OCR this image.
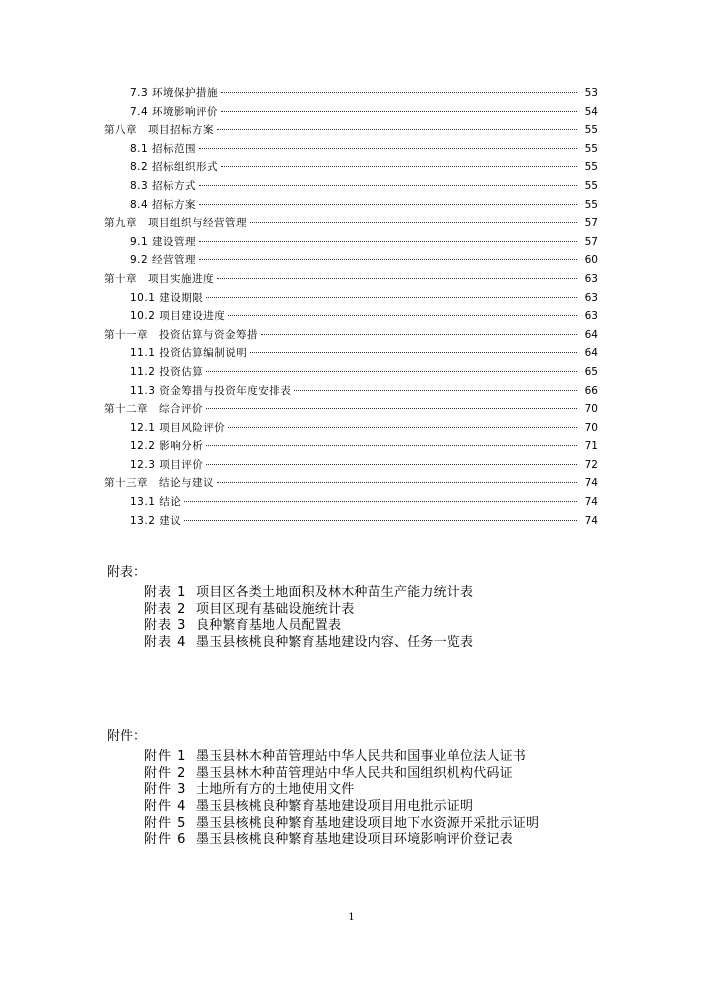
7.3 环境保护措施	53
7.4 环境影响评价	54
第八章　项目招标方案	55
8.1 招标范围	55
8.2 招标组织形式	55
8.3 招标方式	55
8.4 招标方案	55
第九章　项目组织与经营管理	57
9.1 建设管理	57
9.2 经营管理	60
第十章　项目实施进度	63
10.1 建设期限	63
10.2 项目建设进度	63
第十一章　投资估算与资金筹措	64
11.1 投资估算编制说明	64
11.2 投资估算	65
11.3 资金筹措与投资年度安排表	66
第十二章　综合评价	70
12.1 项目风险评价	70
12.2 影响分析	71
12.3 项目评价	72
第十三章　结论与建议	74
13.1 结论	74
13.2 建议	74
附表：
附表 1 项目区各类土地面积及林木种苗生产能力统计表
附表 2 项目区现有基础设施统计表
附表 3 良种繁育基地人员配置表
附表 4 墨玉县核桃良种繁育基地建设内容、任务一览表
附件：
附件 1 墨玉县林木种苗管理站中华人民共和国事业单位法人证书
附件 2 墨玉县林木种苗管理站中华人民共和国组织机构代码证
附件 3 土地所有方的土地使用文件
附件 4 墨玉县核桃良种繁育基地建设项目用电批示证明
附件 5 墨玉县核桃良种繁育基地建设项目地下水资源开采批示证明
附件 6 墨玉县核桃良种繁育基地建设项目环境影响评价登记表
1
